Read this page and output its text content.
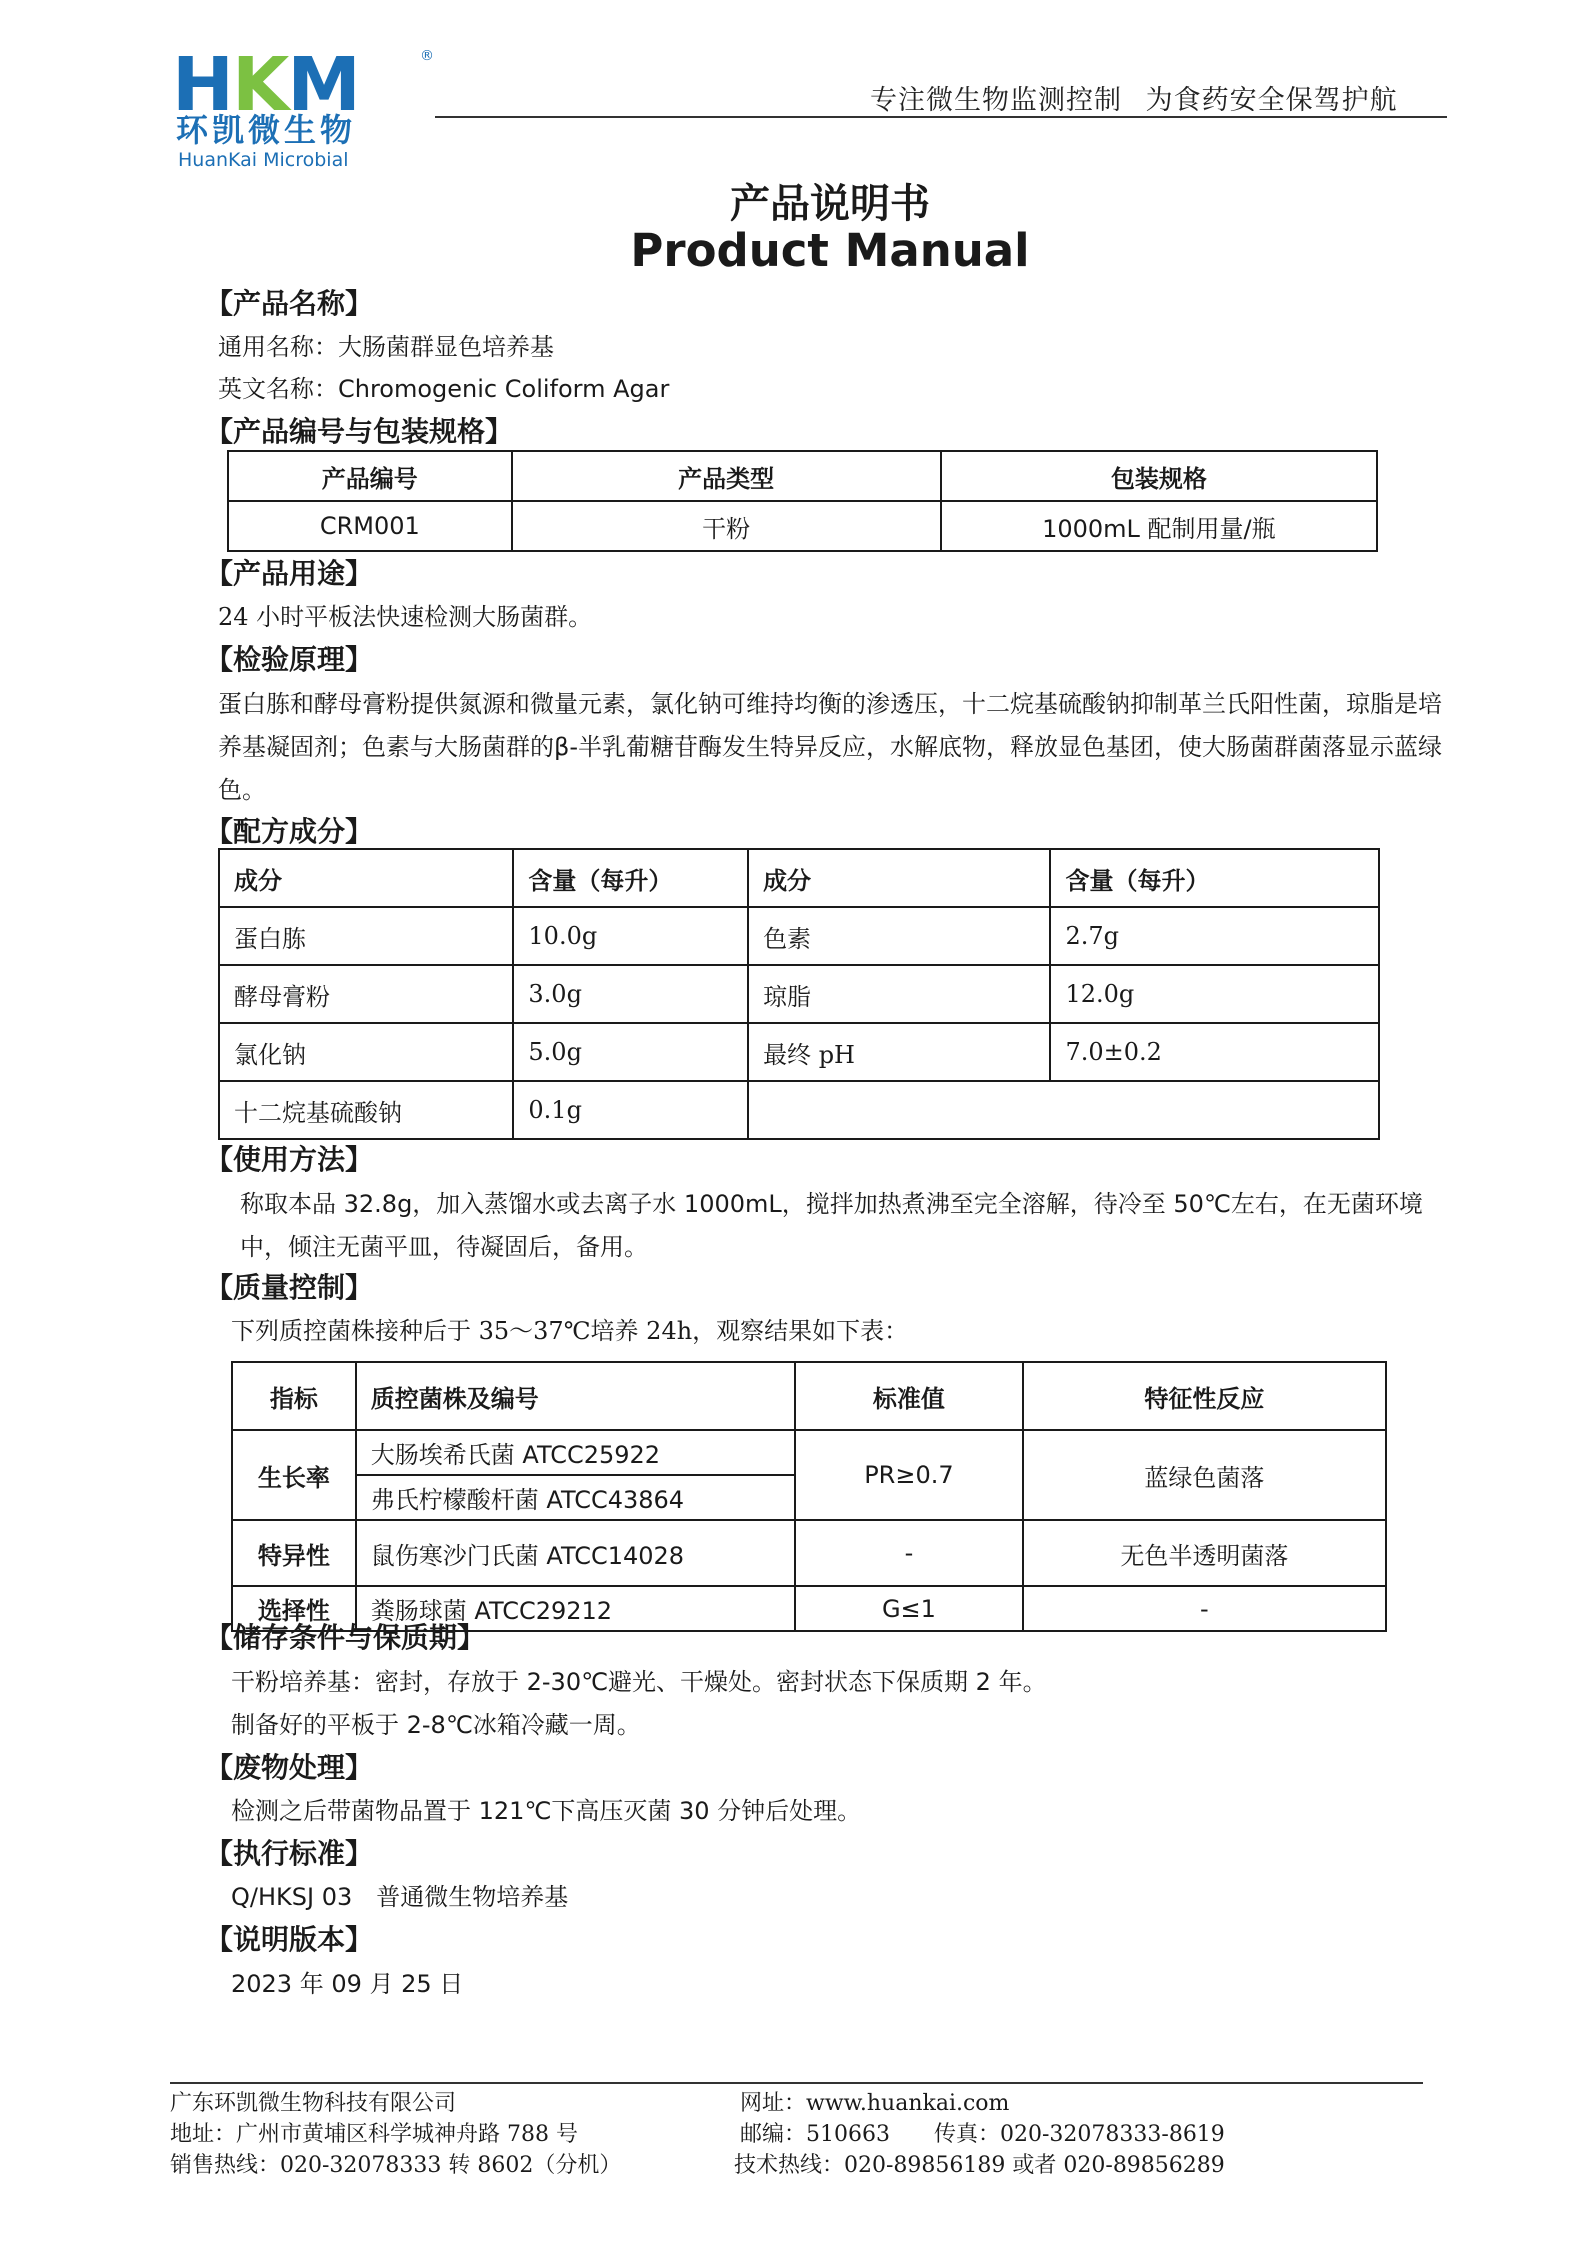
HKM	®
环凯微生物
HuanKai Microbial
专注微生物监测控制 为食药安全保驾护航
产品说明书
Product Manual
【产品名称】
通用名称：大肠菌群显色培养基
英文名称：Chromogenic Coliform Agar
【产品编号与包装规格】
产品编号	产品类型	包装规格
CRM001	干粉	1000mL 配制用量/瓶
【产品用途】
24 小时平板法快速检测大肠菌群。
【检验原理】
蛋白胨和酵母膏粉提供氮源和微量元素，氯化钠可维持均衡的渗透压，十二烷基硫酸钠抑制革兰氏阳性菌，琼脂是培养基凝固剂；色素与大肠菌群的β-半乳葡糖苷酶发生特异反应，水解底物，释放显色基团，使大肠菌群菌落显示蓝绿色。
【配方成分】
成分	含量（每升）	成分	含量（每升）
蛋白胨	10.0g	色素	2.7g
酵母膏粉	3.0g	琼脂	12.0g
氯化钠	5.0g	最终 pH	7.0±0.2
十二烷基硫酸钠	0.1g		
【使用方法】
称取本品 32.8g，加入蒸馏水或去离子水 1000mL，搅拌加热煮沸至完全溶解，待冷至 50℃左右，在无菌环境中，倾注无菌平皿，待凝固后，备用。
【质量控制】
下列质控菌株接种后于 35～37℃培养 24h，观察结果如下表：
指标	质控菌株及编号	标准值	特征性反应
生长率	大肠埃希氏菌 ATCC25922	PR≥0.7	蓝绿色菌落
	弗氏柠檬酸杆菌 ATCC43864		
特异性	鼠伤寒沙门氏菌 ATCC14028	-	无色半透明菌落
选择性	粪肠球菌 ATCC29212	G≤1	-
【储存条件与保质期】
干粉培养基：密封，存放于 2-30℃避光、干燥处。密封状态下保质期 2 年。
制备好的平板于 2-8℃冰箱冷藏一周。
【废物处理】
检测之后带菌物品置于 121℃下高压灭菌 30 分钟后处理。
【执行标准】
Q/HKSJ 03　普通微生物培养基
【说明版本】
2023 年 09 月 25 日
广东环凯微生物科技有限公司
地址：广州市黄埔区科学城神舟路 788 号
销售热线：020-32078333 转 8602（分机）
网址：www.huankai.com
邮编：510663　　传真：020-32078333-8619
技术热线：020-89856189 或者 020-89856289
